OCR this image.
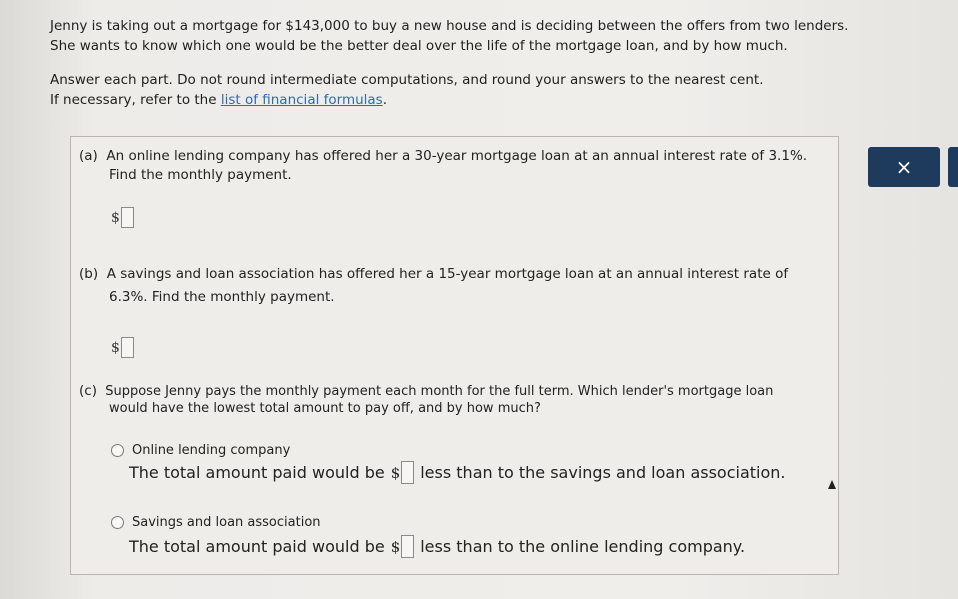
Jenny is taking out a mortgage for $143,000 to buy a new house and is deciding between the offers from two lenders.

She wants to know which one would be the better deal over the life of the mortgage loan, and by how much.

Answer each part. Do not round intermediate computations, and round your answers to the nearest cent.

If necessary, refer to the list of financial formulas.

(a) An online lending company has offered her a 30-year mortgage loan at an annual interest rate of 3.1%.
Find the monthly payment.
$
(b) A savings and loan association has offered her a 15-year mortgage loan at an annual interest rate of
6.3%. Find the monthly payment.
$
(c) Suppose Jenny pays the monthly payment each month for the full term. Which lender's mortgage loan
would have the lowest total amount to pay off, and by how much?
Online lending company
The total amount paid would be $ less than to the savings and loan association.
Savings and loan association
The total amount paid would be $ less than to the online lending company.
×
